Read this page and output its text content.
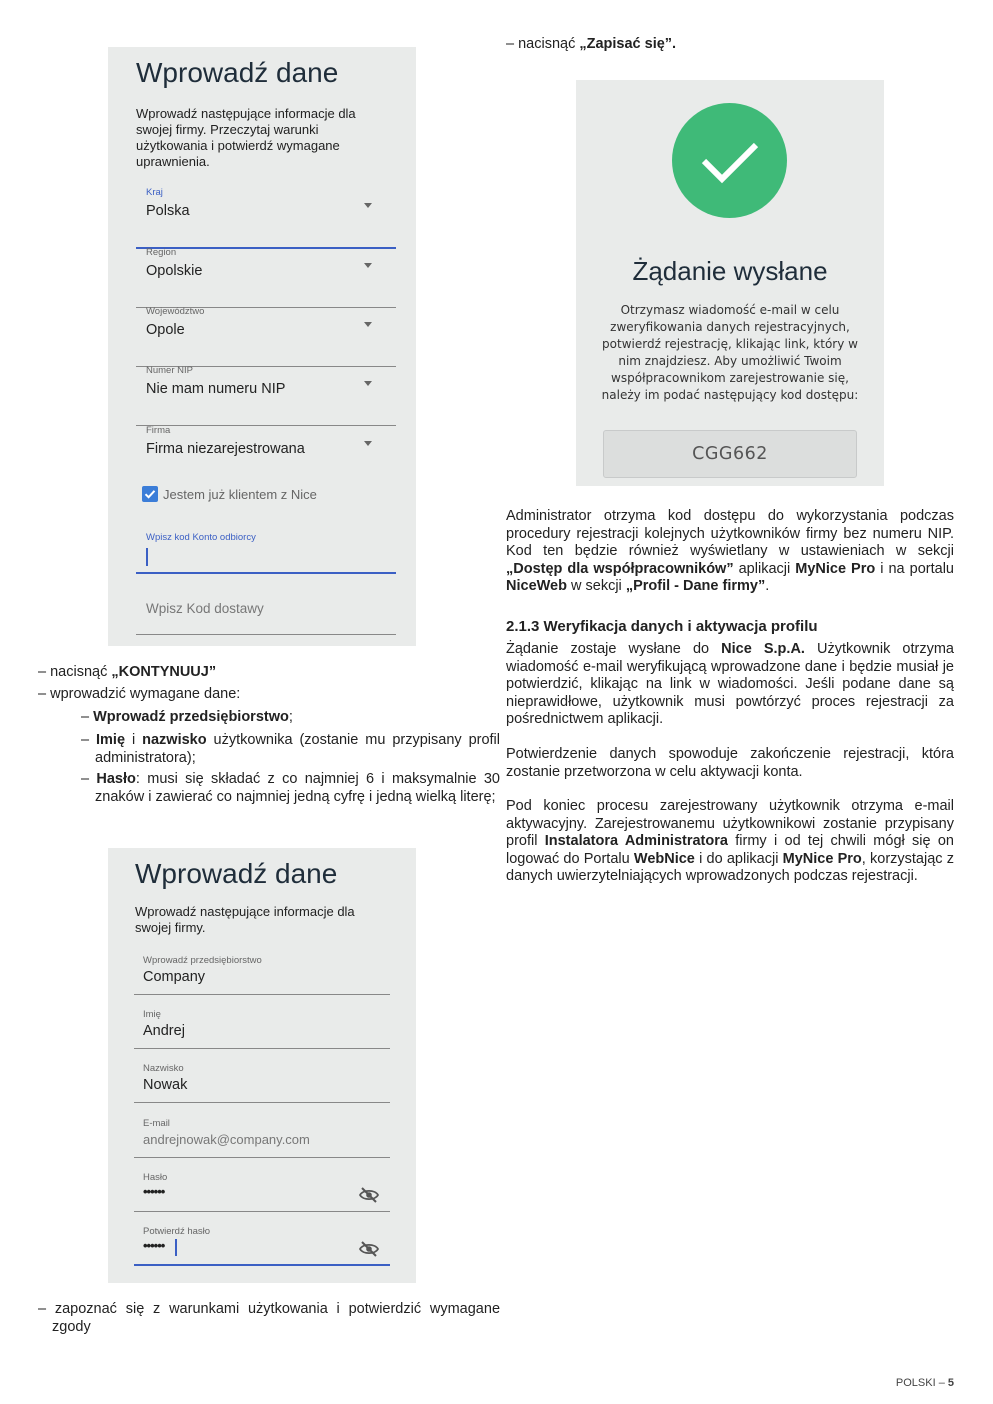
Wprowadź dane
Wprowadź następujące informacje dla swojej firmy. Przeczytaj warunki użytkowania i potwierdź wymagane uprawnienia.
Kraj
Polska
Region
Opolskie
Województwo
Opole
Numer NIP
Nie mam numeru NIP
Firma
Firma niezarejestrowana
Jestem już klientem z Nice
Wpisz kod Konto odbiorcy
Wpisz Kod dostawy
– nacisnąć „KONTYNUUJ”
– wprowadzić wymagane dane:
– Wprowadź przedsiębiorstwo;
– Imię i nazwisko użytkownika (zostanie mu przypisany profil administratora);
– Hasło: musi się składać z co najmniej 6 i maksymalnie 30 znaków i zawierać co najmniej jedną cyfrę i jedną wielką literę;
Wprowadź dane
Wprowadź następujące informacje dla swojej firmy.
Wprowadź przedsiębiorstwo
Company
Imię
Andrej
Nazwisko
Nowak
E-mail
andrejnowak@company.com
Hasło
••••••
Potwierdź hasło
••••••
– zapoznać się z warunkami użytkowania i potwierdzić wymagane zgody
– nacisnąć „Zapisać się”.
Żądanie wysłane
Otrzymasz wiadomość e-mail w celu zweryfikowania danych rejestracyjnych, potwierdź rejestrację, klikając link, który w nim znajdziesz. Aby umożliwić Twoim współpracownikom zarejestrowanie się, należy im podać następujący kod dostępu:
CGG662
Administrator otrzyma kod dostępu do wykorzystania podczas procedury rejestracji kolejnych użytkowników firmy bez numeru NIP. Kod ten będzie również wyświetlany w ustawieniach w sekcji „Dostęp dla współpracowników” aplikacji MyNice Pro i na portalu NiceWeb w sekcji „Profil - Dane firmy”.
2.1.3 Weryfikacja danych i aktywacja profilu
Żądanie zostaje wysłane do Nice S.p.A. Użytkownik otrzyma wiadomość e-mail weryfikującą wprowadzone dane i będzie musiał je potwierdzić, klikając na link w wiadomości. Jeśli podane dane są nieprawidłowe, użytkownik musi powtórzyć proces rejestracji za pośrednictwem aplikacji.
Potwierdzenie danych spowoduje zakończenie rejestracji, która zostanie przetworzona w celu aktywacji konta.
Pod koniec procesu zarejestrowany użytkownik otrzyma e-mail aktywacyjny. Zarejestrowanemu użytkownikowi zostanie przypisany profil Instalatora Administratora firmy i od tej chwili mógł się on logować do Portalu WebNice i do aplikacji MyNice Pro, korzystając z danych uwierzytelniających wprowadzonych podczas rejestracji.
POLSKI – 5
